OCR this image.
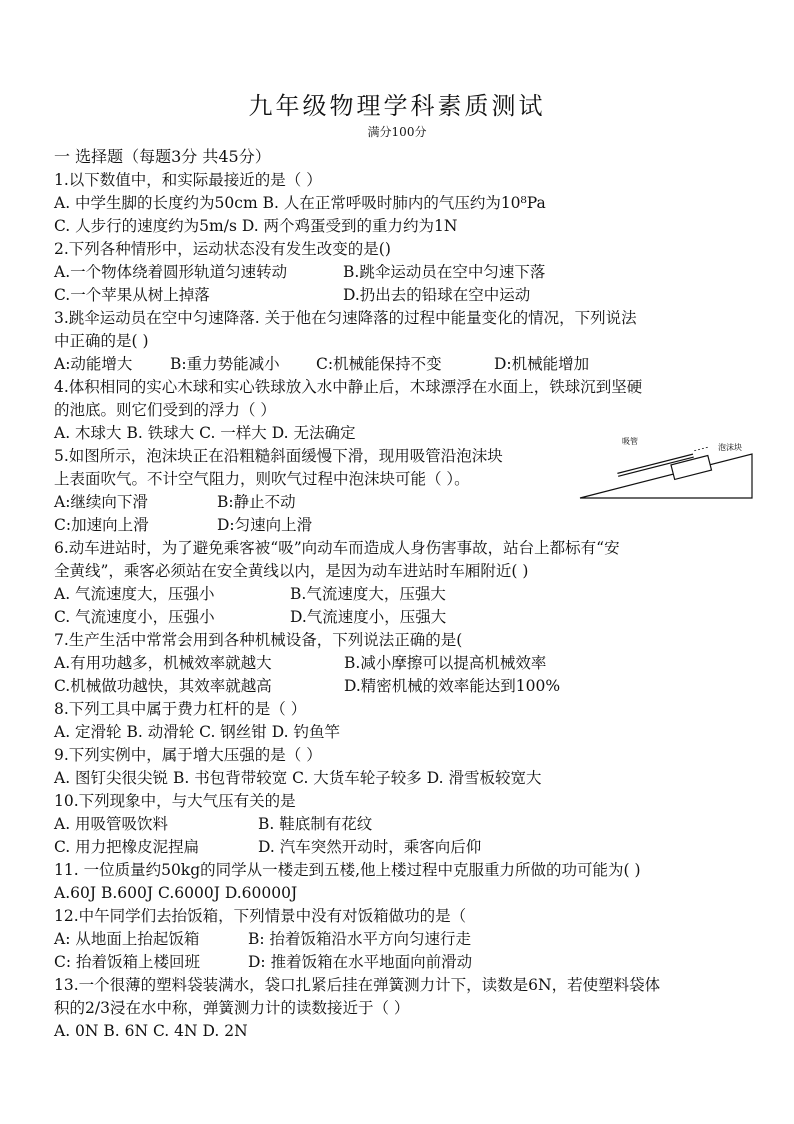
九年级物理学科素质测试
满分100分
一 选择题（每题3分 共45分）
1.以下数值中，和实际最接近的是（ ）
A. 中学生脚的长度约为50cm B. 人在正常呼吸时肺内的气压约为10⁸Pa
C. 人步行的速度约为5m/s D. 两个鸡蛋受到的重力约为1N
2.下列各种情形中，运动状态没有发生改变的是()
A.一个物体绕着圆形轨道匀速转动	B.跳伞运动员在空中匀速下落
C.一个苹果从树上掉落	D.扔出去的铅球在空中运动
3.跳伞运动员在空中匀速降落. 关于他在匀速降落的过程中能量变化的情况，下列说法
中正确的是( )
A:动能增大 B:重力势能减小 C:机械能保持不变	D:机械能增加
4.体积相同的实心木球和实心铁球放入水中静止后，木球漂浮在水面上，铁球沉到坚硬
的池底。则它们受到的浮力（ ）
A. 木球大 B. 铁球大 C. 一样大 D. 无法确定
5.如图所示，泡沫块正在沿粗糙斜面缓慢下滑，现用吸管沿泡沫块
上表面吹气。不计空气阻力，则吹气过程中泡沫块可能（ ）。
A:继续向下滑	B:静止不动
C:加速向上滑	D:匀速向上滑
吸管
泡沫块
6.动车进站时，为了避免乘客被“吸”向动车而造成人身伤害事故，站台上都标有“安
全黄线”，乘客必须站在安全黄线以内，是因为动车进站时车厢附近( )
A. 气流速度大，压强小	B.气流速度大，压强大
C. 气流速度小，压强小	D.气流速度小，压强大
7.生产生活中常常会用到各种机械设备，下列说法正确的是(
A.有用功越多，机械效率就越大	B.减小摩擦可以提高机械效率
C.机械做功越快，其效率就越高	D.精密机械的效率能达到100%
8.下列工具中属于费力杠杆的是（ ）
A. 定滑轮 B. 动滑轮 C. 钢丝钳 D. 钓鱼竿
9.下列实例中，属于增大压强的是（ ）
A. 图钉尖很尖锐 B. 书包背带较宽 C. 大货车轮子较多 D. 滑雪板较宽大
10.下列现象中，与大气压有关的是
A. 用吸管吸饮料	B. 鞋底制有花纹
C. 用力把橡皮泥捏扁	D. 汽车突然开动时，乘客向后仰
11. 一位质量约50kg的同学从一楼走到五楼,他上楼过程中克服重力所做的功可能为( )
A.60J B.600J C.6000J D.60000J
12.中午同学们去抬饭箱，下列情景中没有对饭箱做功的是（
A: 从地面上抬起饭箱	B: 抬着饭箱沿水平方向匀速行走
C: 抬着饭箱上楼回班	D: 推着饭箱在水平地面向前滑动
13.一个很薄的塑料袋装满水，袋口扎紧后挂在弹簧测力计下，读数是6N，若使塑料袋体
积的2/3浸在水中称，弹簧测力计的读数接近于（ ）
A. 0N B. 6N C. 4N D. 2N
